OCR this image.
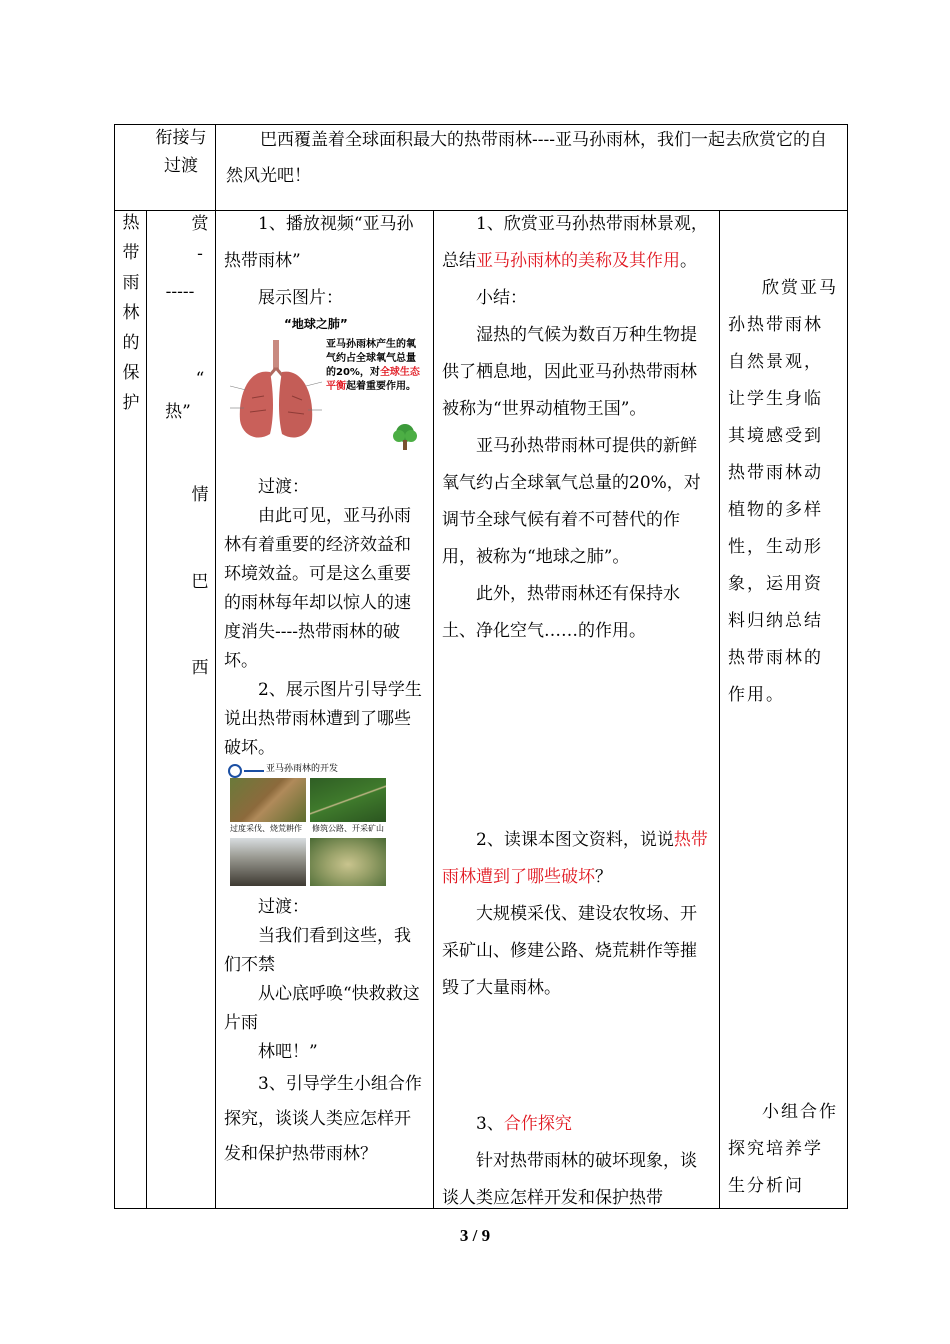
衔接与过渡

巴西覆盖着全球面积最大的热带雨林----亚马孙雨林，我们一起去欣赏它的自然风光吧！

热带雨林的保护
赏
-
-----
“
热”
情
巴
西

1、播放视频“亚马孙热带雨林”

展示图片：

“地球之肺”
亚马孙雨林产生的氧气约占全球氧气总量的20%，对全球生态平衡起着重要作用。

过渡：

由此可见，亚马孙雨林有着重要的经济效益和环境效益。可是这么重要的雨林每年却以惊人的速度消失----热带雨林的破坏。

2、展示图片引导学生说出热带雨林遭到了哪些破坏。

亚马孙雨林的开发
过度采伐、烧荒耕作	修筑公路、开采矿山

过渡：

当我们看到这些，我们不禁

从心底呼唤“快救救这片雨

林吧！”

3、引导学生小组合作探究，谈谈人类应怎样开发和保护热带雨林？

1、欣赏亚马孙热带雨林景观，总结亚马孙雨林的美称及其作用。

小结：

湿热的气候为数百万种生物提供了栖息地，因此亚马孙热带雨林被称为“世界动植物王国”。

亚马孙热带雨林可提供的新鲜氧气约占全球氧气总量的20%，对调节全球气候有着不可替代的作用，被称为“地球之肺”。

此外，热带雨林还有保持水土、净化空气……的作用。

2、读课本图文资料，说说热带雨林遭到了哪些破坏？

大规模采伐、建设农牧场、开采矿山、修建公路、烧荒耕作等摧毁了大量雨林。

3、合作探究

针对热带雨林的破坏现象，谈谈人类应怎样开发和保护热带

欣赏亚马孙热带雨林自然景观，让学生身临其境感受到热带雨林动植物的多样性，生动形象，运用资料归纳总结热带雨林的作用。

小组合作探究培养学生分析问

3 / 9
